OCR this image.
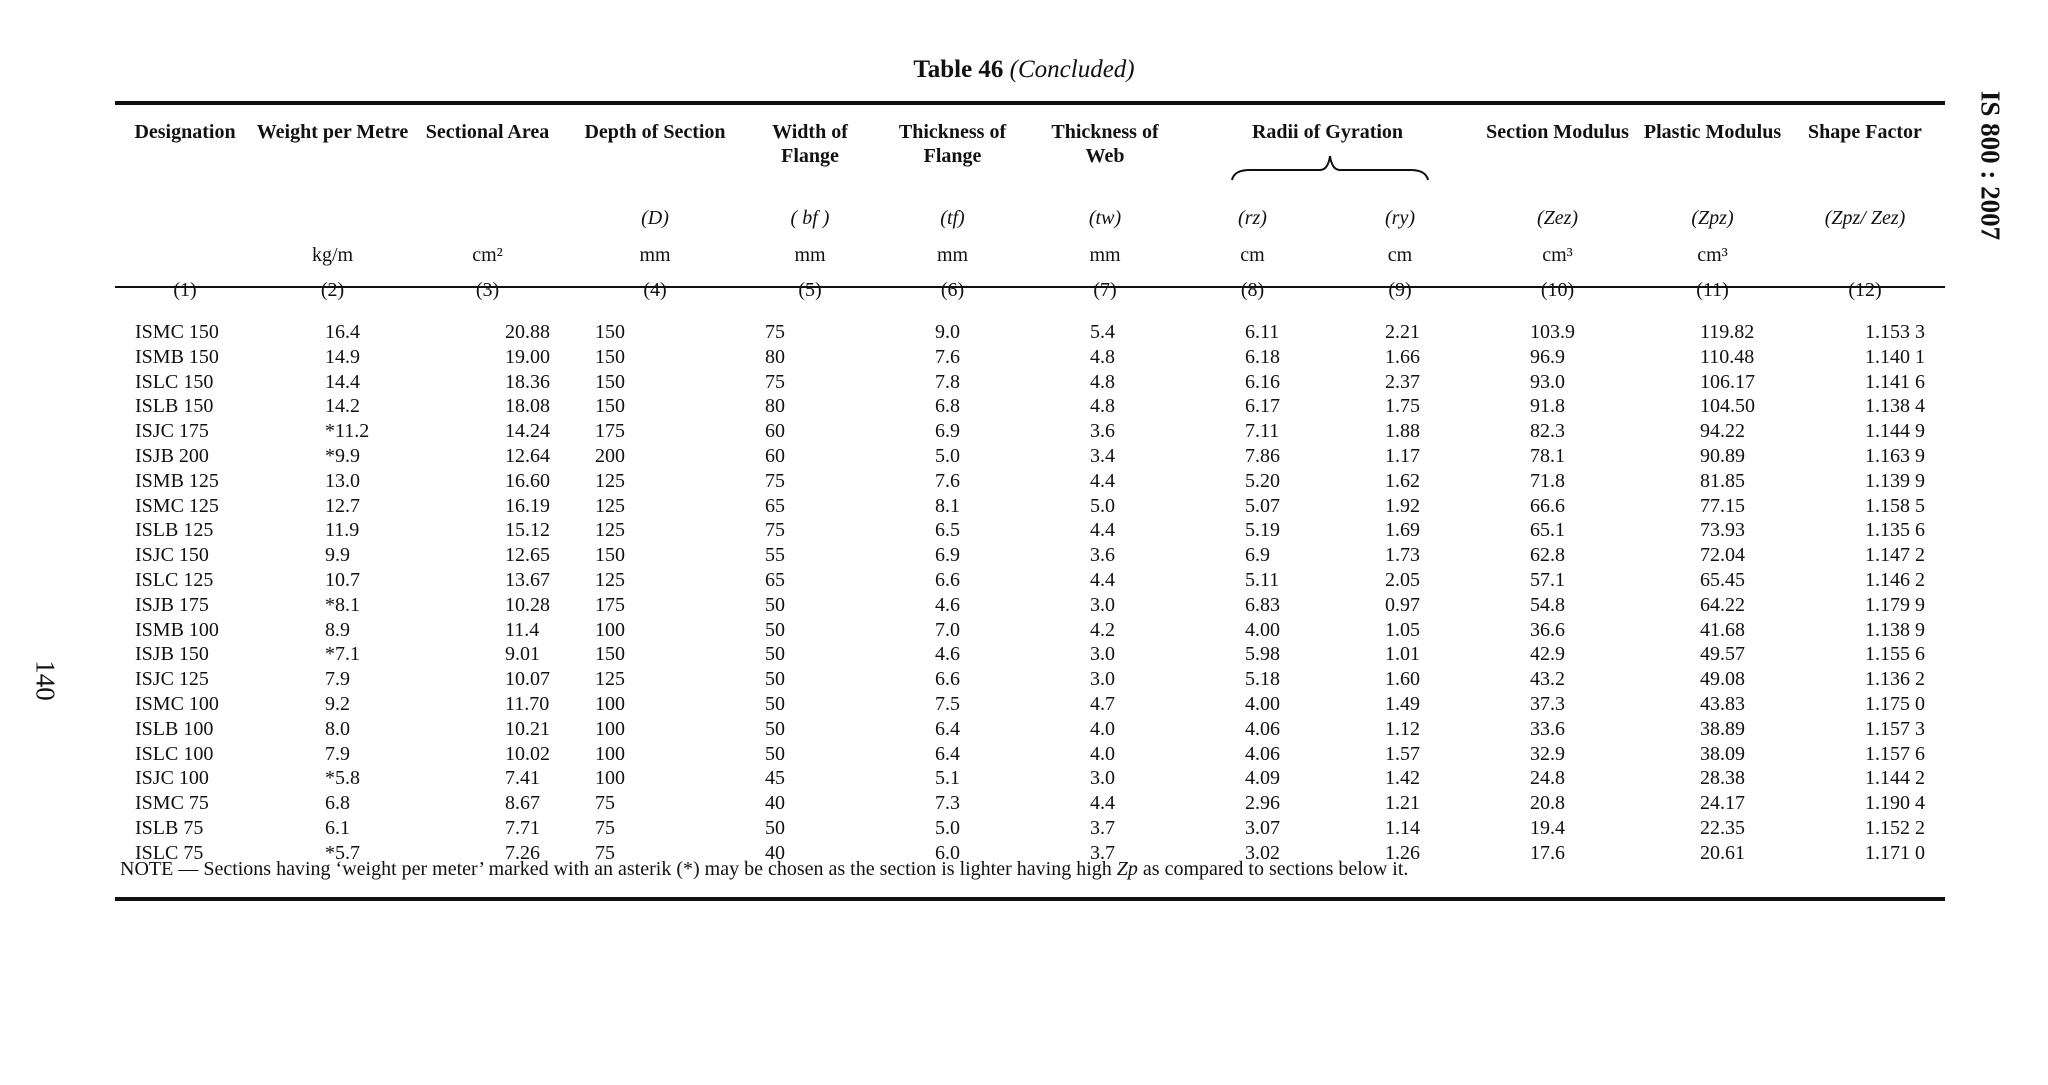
Table 46 (Concluded)
IS 800 : 2007
140
Designation	Weight per Metre	Sectional Area	Depth of Section	Width of Flange	Thickness of Flange	Thickness of Web	Radii of Gyration		Section Modulus	Plastic Modulus	Shape Factor
			(D)	( bf )	(tf)	(tw)	(rz)	(ry)	(Zez)	(Zpz)	(Zpz/ Zez)
	kg/m	cm²	mm	mm	mm	mm	cm	cm	cm³	cm³	
(1)	(2)	(3)	(4)	(5)	(6)	(7)	(8)	(9)	(10)	(11)	(12)

ISMC 150	16.4	20.88	150	75	9.0	5.4	6.11	2.21	103.9	119.82	1.153 3
ISMB 150	14.9	19.00	150	80	7.6	4.8	6.18	1.66	96.9	110.48	1.140 1
ISLC 150	14.4	18.36	150	75	7.8	4.8	6.16	2.37	93.0	106.17	1.141 6
ISLB 150	14.2	18.08	150	80	6.8	4.8	6.17	1.75	91.8	104.50	1.138 4
ISJC 175	*11.2	14.24	175	60	6.9	3.6	7.11	1.88	82.3	94.22	1.144 9
ISJB 200	*9.9	12.64	200	60	5.0	3.4	7.86	1.17	78.1	90.89	1.163 9
ISMB 125	13.0	16.60	125	75	7.6	4.4	5.20	1.62	71.8	81.85	1.139 9
ISMC 125	12.7	16.19	125	65	8.1	5.0	5.07	1.92	66.6	77.15	1.158 5
ISLB 125	11.9	15.12	125	75	6.5	4.4	5.19	1.69	65.1	73.93	1.135 6
ISJC 150	9.9	12.65	150	55	6.9	3.6	6.9	1.73	62.8	72.04	1.147 2
ISLC 125	10.7	13.67	125	65	6.6	4.4	5.11	2.05	57.1	65.45	1.146 2
ISJB 175	*8.1	10.28	175	50	4.6	3.0	6.83	0.97	54.8	64.22	1.179 9
ISMB 100	8.9	11.4	100	50	7.0	4.2	4.00	1.05	36.6	41.68	1.138 9
ISJB 150	*7.1	9.01	150	50	4.6	3.0	5.98	1.01	42.9	49.57	1.155 6
ISJC 125	7.9	10.07	125	50	6.6	3.0	5.18	1.60	43.2	49.08	1.136 2
ISMC 100	9.2	11.70	100	50	7.5	4.7	4.00	1.49	37.3	43.83	1.175 0
ISLB 100	8.0	10.21	100	50	6.4	4.0	4.06	1.12	33.6	38.89	1.157 3
ISLC 100	7.9	10.02	100	50	6.4	4.0	4.06	1.57	32.9	38.09	1.157 6
ISJC 100	*5.8	7.41	100	45	5.1	3.0	4.09	1.42	24.8	28.38	1.144 2
ISMC 75	6.8	8.67	75	40	7.3	4.4	2.96	1.21	20.8	24.17	1.190 4
ISLB 75	6.1	7.71	75	50	5.0	3.7	3.07	1.14	19.4	22.35	1.152 2
ISLC 75	*5.7	7.26	75	40	6.0	3.7	3.02	1.26	17.6	20.61	1.171 0
NOTE — Sections having ‘weight per meter’ marked with an asterik (*) may be chosen as the section is lighter having high Zp as compared to sections below it.
